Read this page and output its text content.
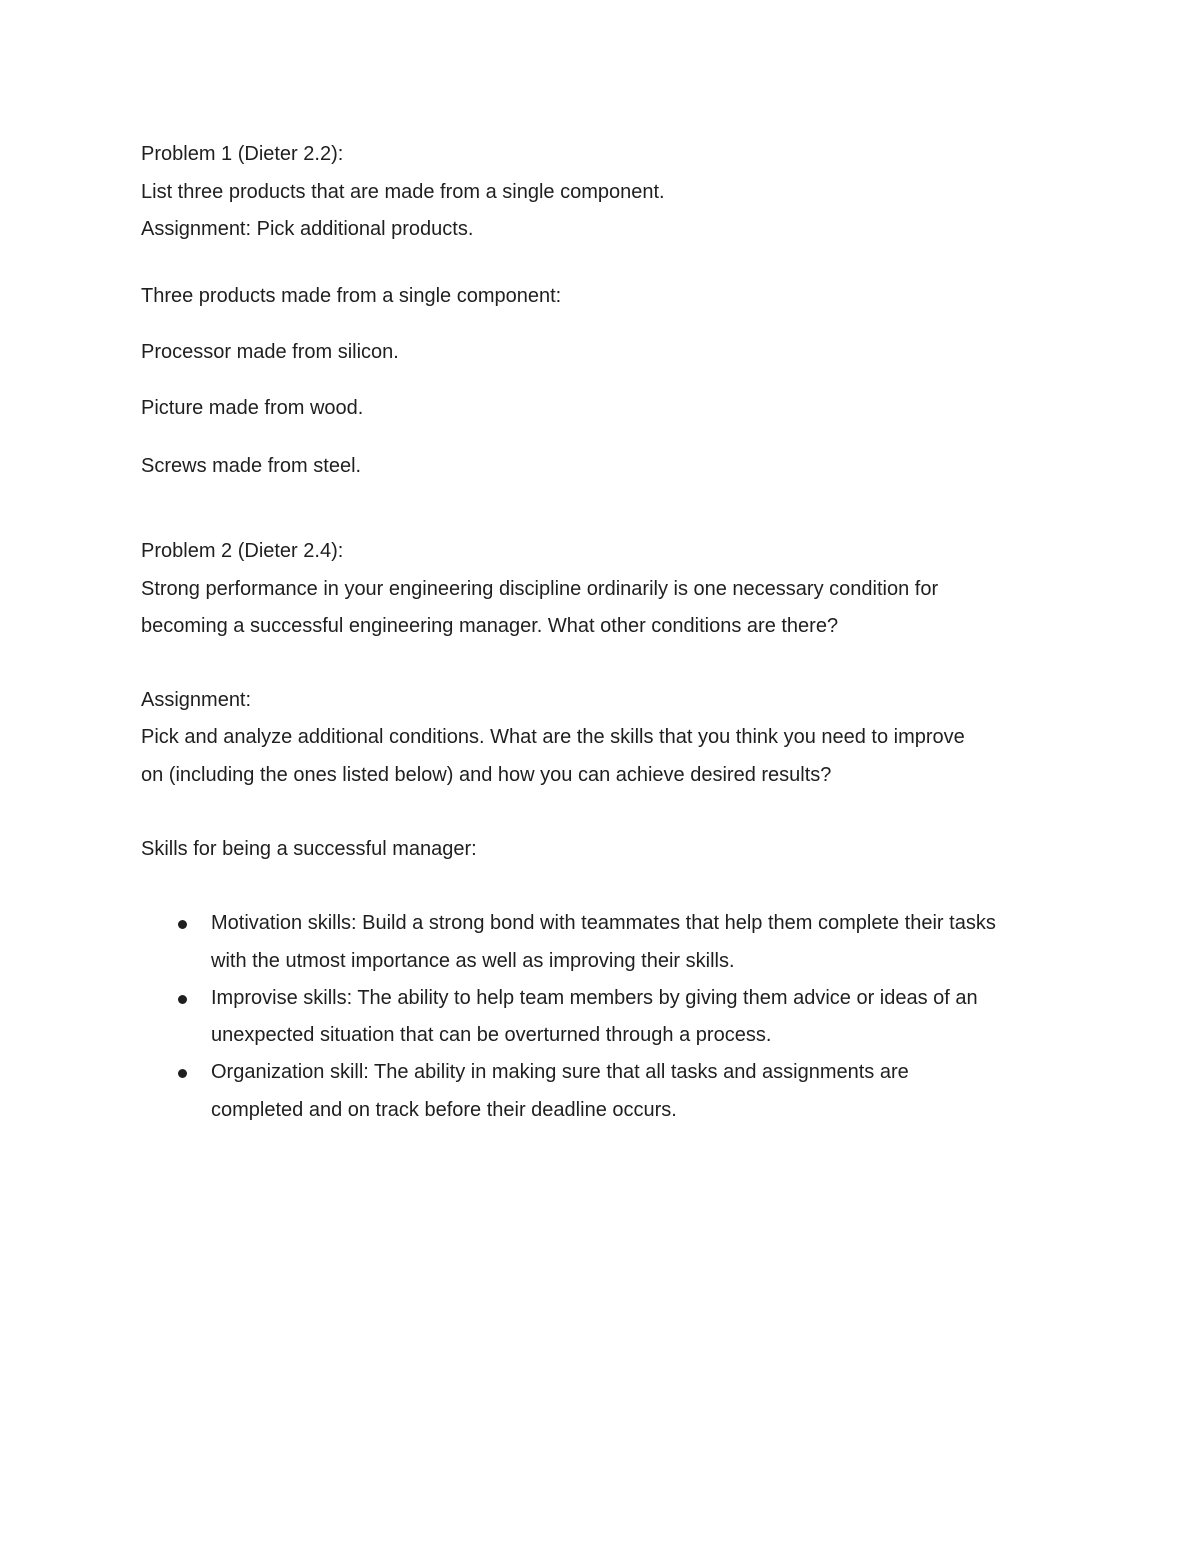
Problem 1 (Dieter 2.2):
List three products that are made from a single component.
Assignment: Pick additional products.
Three products made from a single component:
Processor made from silicon.
Picture made from wood.
Screws made from steel.
Problem 2 (Dieter 2.4):
Strong performance in your engineering discipline ordinarily is one necessary condition for
becoming a successful engineering manager. What other conditions are there?
Assignment:
Pick and analyze additional conditions. What are the skills that you think you need to improve
on (including the ones listed below) and how you can achieve desired results?
Skills for being a successful manager:
Motivation skills: Build a strong bond with teammates that help them complete their tasks
with the utmost importance as well as improving their skills.
Improvise skills: The ability to help team members by giving them advice or ideas of an
unexpected situation that can be overturned through a process.
Organization skill: The ability in making sure that all tasks and assignments are
completed and on track before their deadline occurs.
